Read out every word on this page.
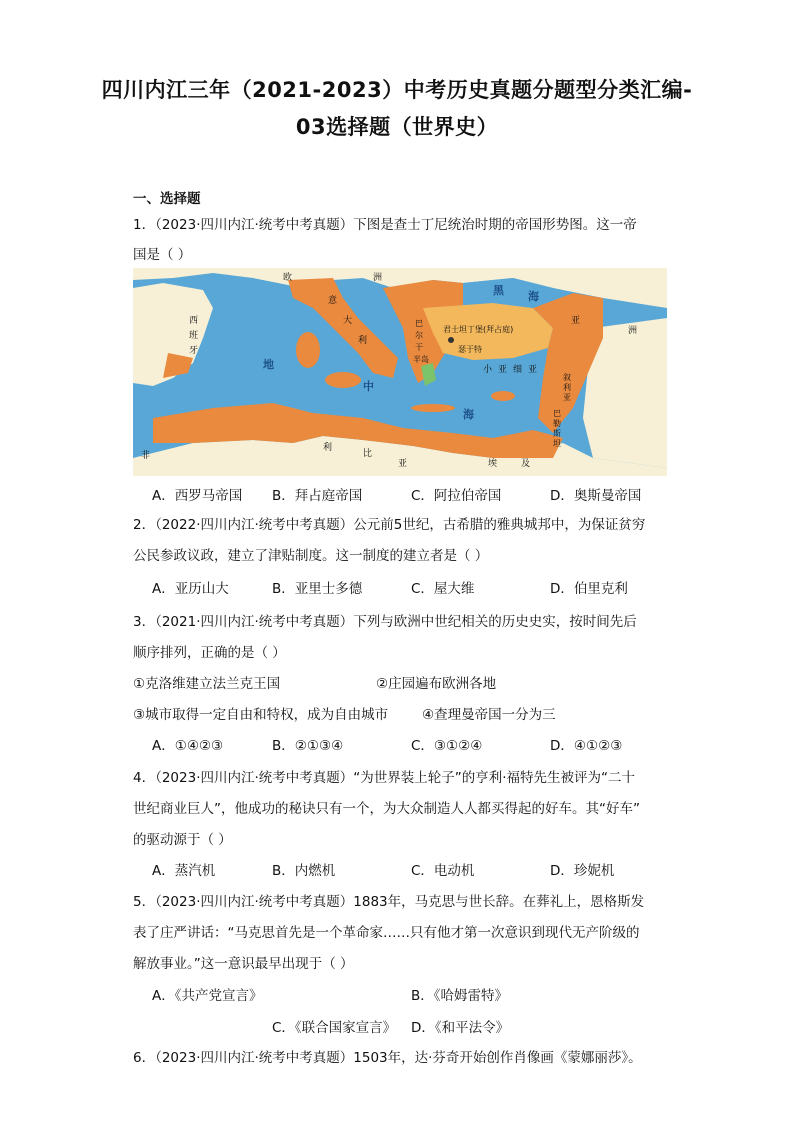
四川内江三年（2021-2023）中考历史真题分题型分类汇编-
03选择题（世界史）
一、选择题
1．（2023·四川内江·统考中考真题）下图是查士丁尼统治时期的帝国形势图。这一帝
国是（ ）
欧	洲
西
班
牙
意
大
利
地
中
海
巴
尔
干
半岛
君士坦丁堡(拜占庭)
瑟于特
小 亚 细 亚
黑 海
亚
洲
叙
利
亚
巴
勒
斯
坦
非
利
比
亚	埃	及
A．西罗马帝国 B．拜占庭帝国	C．阿拉伯帝国	D．奥斯曼帝国
2．（2022·四川内江·统考中考真题）公元前5世纪，古希腊的雅典城邦中，为保证贫穷
公民参政议政，建立了津贴制度。这一制度的建立者是（ ）
A．亚历山大	B．亚里士多德	C．屋大维	D．伯里克利
3．（2021·四川内江·统考中考真题）下列与欧洲中世纪相关的历史史实，按时间先后
顺序排列，正确的是（ ）
①克洛维建立法兰克王国	②庄园遍布欧洲各地
③城市取得一定自由和特权，成为自由城市	④查理曼帝国一分为三
A．①④②③	B．②①③④	C．③①②④	D．④①②③
4．（2023·四川内江·统考中考真题）“为世界装上轮子”的亨利·福特先生被评为“二十
世纪商业巨人”，他成功的秘诀只有一个，为大众制造人人都买得起的好车。其“好车”
的驱动源于（ ）
A．蒸汽机	B．内燃机	C．电动机	D．珍妮机
5．（2023·四川内江·统考中考真题）1883年，马克思与世长辞。在葬礼上，恩格斯发
表了庄严讲话：“马克思首先是一个革命家……只有他才第一次意识到现代无产阶级的
解放事业。”这一意识最早出现于（ ）
A．《共产党宣言》	B．《哈姆雷特》
C．《联合国家宣言》 D．《和平法令》
6．（2023·四川内江·统考中考真题）1503年，达·芬奇开始创作肖像画《蒙娜丽莎》。
